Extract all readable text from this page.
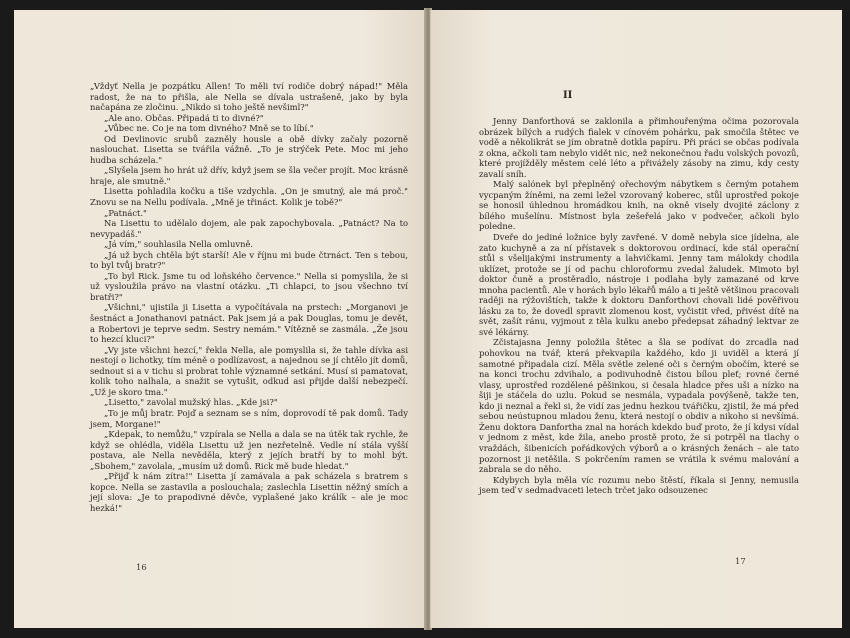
„Vždyť Nella je pozpátku Allen! To měli tví rodiče dobrý nápad!" Měla radost, že na to přišla, ale Nella se dívala ustrašeně, jako by byla načapána ze zločinu. „Nikdo si toho ještě nevšiml?"

„Ale ano. Občas. Připadá ti to divné?"

„Vůbec ne. Co je na tom divného? Mně se to líbí."

Od Devlinovic srubů zazněly housle a obě dívky začaly pozorně naslouchat. Lisetta se tvářila vážně. „To je strýček Pete. Moc mi jeho hudba scházela."

„Slyšela jsem ho hrát už dřív, když jsem se šla večer projít. Moc krásně hraje, ale smutně."

Lisetta pohladila kočku a tiše vzdychla. „On je smutný, ale má proč." Znovu se na Nellu podívala. „Mně je třináct. Kolik je tobě?"

„Patnáct."

Na Lisettu to udělalo dojem, ale pak zapochybovala. „Patnáct? Na to nevypadáš."

„Já vím," souhlasila Nella omluvně.

„Já už bych chtěla být starší! Ale v říjnu mi bude čtrnáct. Ten s tebou, to byl tvůj bratr?"

„To byl Rick. Jsme tu od loňského července." Nella si pomyslila, že si už vysloužila právo na vlastní otázku. „Ti chlapci, to jsou všechno tví bratři?"

„Všichni," ujistila ji Lisetta a vypočítávala na prstech: „Morganovi je šestnáct a Jonathanovi patnáct. Pak jsem já a pak Douglas, tomu je devět, a Robertovi je teprve sedm. Sestry nemám." Vítězně se zasmála. „Že jsou to hezcí kluci?"

„Vy jste všichni hezcí," řekla Nella, ale pomyslila si, že tahle dívka asi nestojí o lichotky, tím méně o podlízavost, a najednou se jí chtělo jít domů, sednout si a v tichu si probrat tohle významné setkání. Musí si pamatovat, kolik toho nalhala, a snažit se vytušit, odkud asi přijde další nebezpečí. „Už je skoro tma."

„Lisetto," zavolal mužský hlas. „Kde jsi?"

„To je můj bratr. Pojď a seznam se s ním, doprovodí tě pak domů. Tady jsem, Morgane!"

„Kdepak, to nemůžu," vzpírala se Nella a dala se na útěk tak rychle, že když se ohlédla, viděla Lisettu už jen nezřetelně. Vedle ní stála vyšší postava, ale Nella nevěděla, který z jejích bratří by to mohl být. „Sbohem," zavolala, „musím už domů. Rick mě bude hledat."

„Přijď k nám zítra!" Lisetta jí zamávala a pak scházela s bratrem s kopce. Nella se zastavila a poslouchala; zaslechla Lisettin něžný smích a její slova: „Je to prapodivné děvče, vyplašené jako králík – ale je moc hezká!"

16
II

Jenny Danforthová se zaklonila a přimhouřenýma očima pozorovala obrázek bílých a rudých fialek v cínovém pohárku, pak smočila štětec ve vodě a několikrát se jím obratně dotkla papíru. Při práci se občas podívala z okna, ačkoli tam nebylo vidět nic, než nekonečnou řadu volských povozů, které projížděly městem celé léto a přivážely zásoby na zimu, kdy cesty zavalí sníh.

Malý salónek byl přeplněný ořechovým nábytkem s černým potahem vycpaným žíněmi, na zemi ležel vzorovaný koberec, stůl uprostřed pokoje se honosil úhlednou hromádkou knih, na okně visely dvojité záclony z bílého mušelínu. Místnost byla zešeřelá jako v podvečer, ačkoli bylo poledne.

Dveře do jediné ložnice byly zavřené. V domě nebyla sice jídelna, ale zato kuchyně a za ní přístavek s doktorovou ordinací, kde stál operační stůl s všelijakými instrumenty a lahvičkami. Jenny tam málokdy chodila uklízet, protože se jí od pachu chloroformu zvedal žaludek. Mimoto byl doktor čuně a prostěradlo, nástroje i podlaha byly zamazané od krve mnoha pacientů. Ale v horách bylo lékařů málo a ti ještě většinou pracovali raději na rýžovištích, takže k doktoru Danforthovi chovali lidé pověřivou lásku za to, že dovedl spravit zlomenou kost, vyčistit vřed, přivést dítě na svět, zašít ránu, vyjmout z těla kulku anebo předepsat záhadný lektvar ze své lékárny.

Zčistajasna Jenny položila štětec a šla se podívat do zrcadla nad pohovkou na tvář, která překvapila každého, kdo ji uviděl a která jí samotné připadala cizí. Měla světle zelené oči s černým obočím, které se na konci trochu zdvihalo, a podivuhodně čistou bílou pleť; rovné černé vlasy, uprostřed rozdělené pěšinkou, si česala hladce přes uši a nízko na šiji je stáčela do uzlu. Pokud se nesmála, vypadala povýšeně, takže ten, kdo ji neznal a řekl si, že vidí zas jednu hezkou tvářičku, zjistil, že má před sebou neústupnou mladou ženu, která nestojí o obdiv a nikoho si nevšímá. Ženu doktora Danfortha znal na horách kdekdo buď proto, že jí kdysi vídal v jednom z měst, kde žila, anebo prostě proto, že si potrpěl na tlachy o vraždách, šibenicích pořádkových výborů a o krásných ženách – ale tato pozornost ji netěšila. S pokrčením ramen se vrátila k svému malování a zabrala se do něho.

Kdybych byla měla víc rozumu nebo štěstí, říkala si Jenny, nemusila jsem teď v sedmadvaceti letech trčet jako odsouzenec

17
